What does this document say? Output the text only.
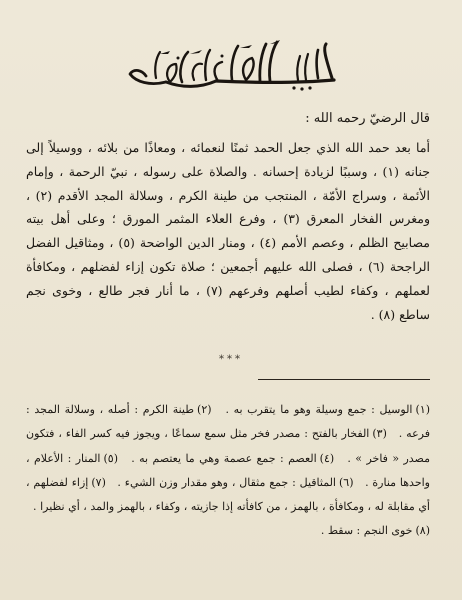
قال الرضيّ رحمه الله :

أما بعد حمد الله الذي جعل الحمد ثمنًا لنعمائه ، ومعاذًا من بلائه ، ووسيلاً إلى جنانه (١) ، وسببًا لزيادة إحسانه . والصلاة على رسوله ، نبيّ الرحمة ، وإمام الأئمة ، وسراج الأمّة ، المنتجب من طينة الكرم ، وسلالة المجد الأقدم (٢) ، ومغرس الفخار المعرق (٣) ، وفرع العلاء المثمر المورق ؛ وعلى أهل بيته مصابيح الظلم ، وعصم الأمم (٤) ، ومنار الدين الواضحة (٥) ، ومثاقيل الفضل الراجحة (٦) ، فصلى الله عليهم أجمعين ؛ صلاة تكون إزاء لفضلهم ، ومكافأة لعملهم ، وكفاء لطيب أصلهم وفرعهم (٧) ، ما أنار فجر طالع ، وخوى نجم ساطع (٨) .

***
(١)الوسيل : جمع وسيلة وهو ما يتقرب به .   (٢)طينة الكرم : أصله ، وسلالة المجد : فرعه .   (٣)الفخار بالفتح : مصدر فخر مثل سمع سماعًا ، ويجوز فيه كسر الفاء ، فتكون مصدر « فاخر » .   (٤)العصم : جمع عصمة وهي ما يعتصم به .   (٥)المنار : الأعلام ، واحدها منارة .   (٦)المثاقيل : جمع مثقال ، وهو مقدار وزن الشيء .   (٧)إزاء لفضلهم ، أي مقابلة له ، ومكافأة ، بالهمز ، من كافأته إذا جازيته ، وكفاء ، بالهمز والمد ، أي نظيرا .   (٨)خوى النجم : سقط .
